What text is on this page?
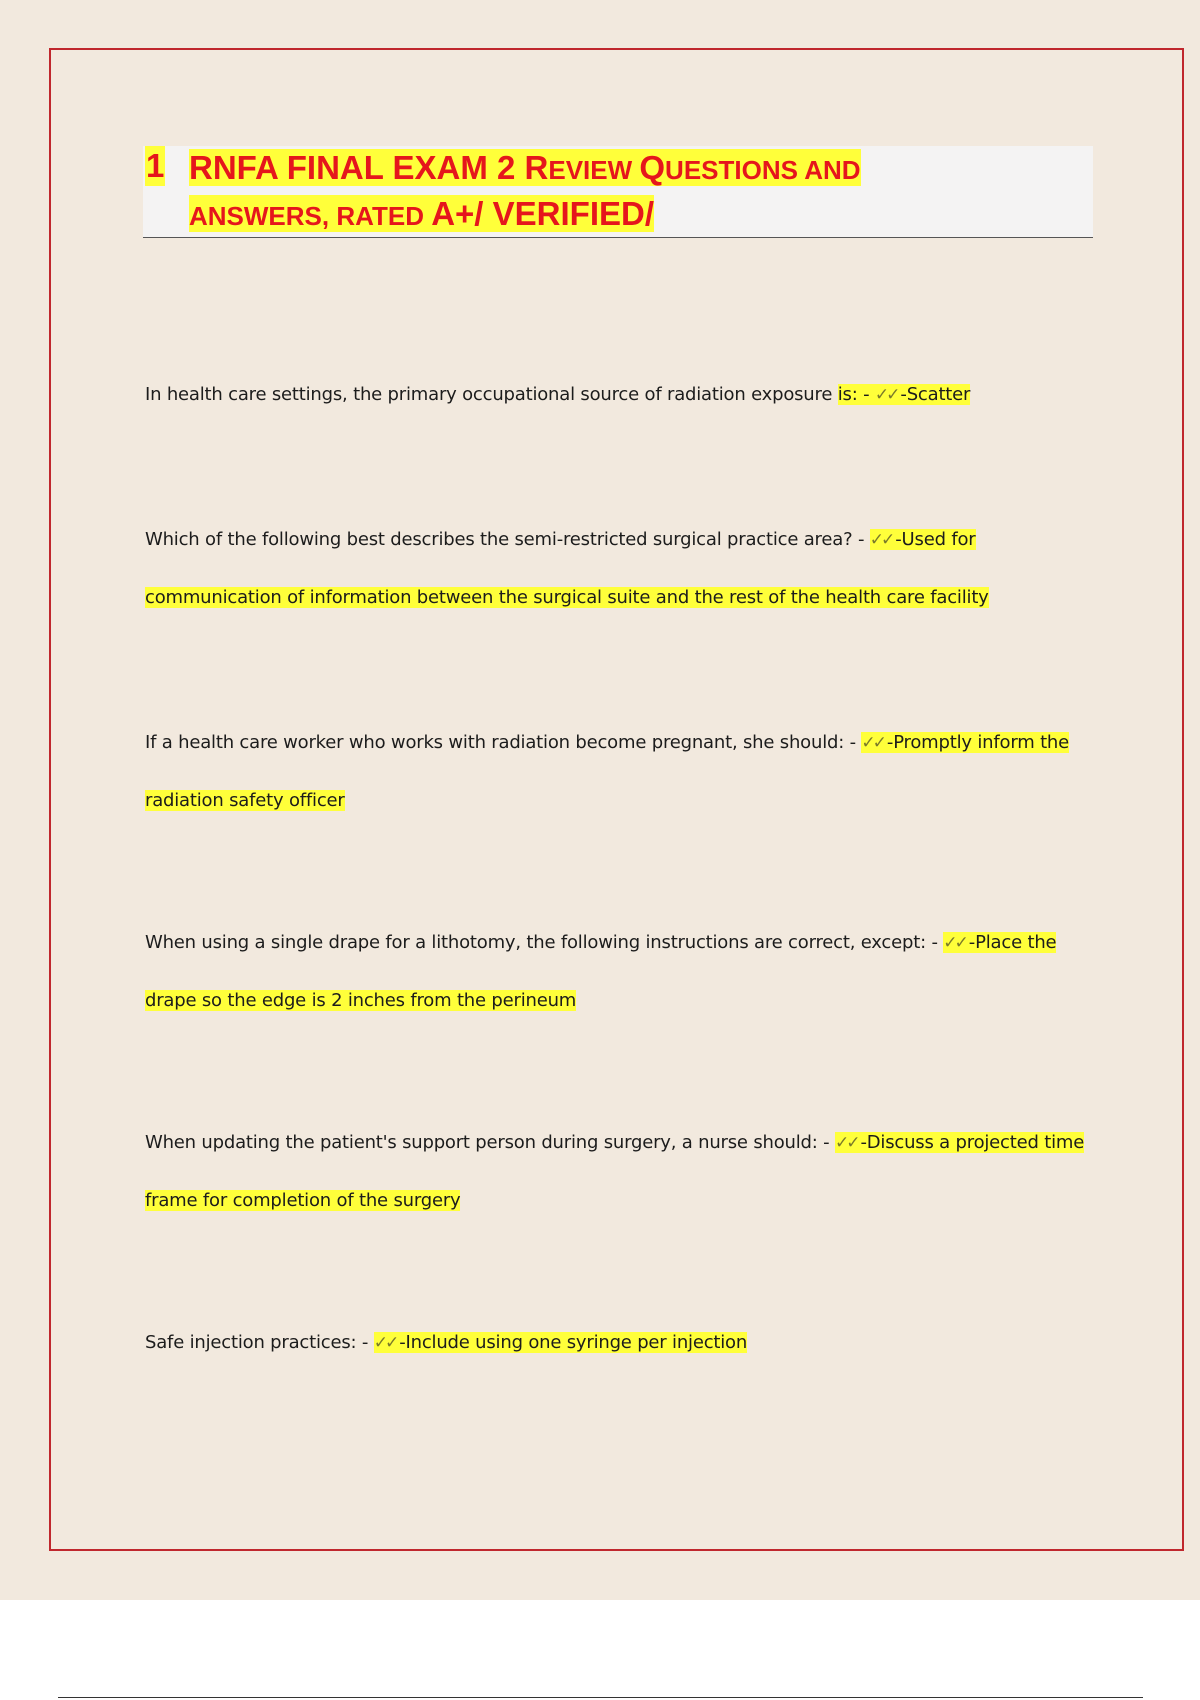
1 RNFA FINAL EXAM 2 REVIEW QUESTIONS AND
ANSWERS, RATED A+/ VERIFIED/
In health care settings, the primary occupational source of radiation exposure is: - ✓✓ -Scatter
Which of the following best describes the semi-restricted surgical practice area? - ✓✓ -Used for communication of information between the surgical suite and the rest of the health care facility
If a health care worker who works with radiation become pregnant, she should: - ✓✓ -Promptly inform the radiation safety officer
When using a single drape for a lithotomy, the following instructions are correct, except: - ✓✓ -Place the drape so the edge is 2 inches from the perineum
When updating the patient's support person during surgery, a nurse should: - ✓✓ -Discuss a projected time frame for completion of the surgery
Safe injection practices: - ✓✓ -Include using one syringe per injection
